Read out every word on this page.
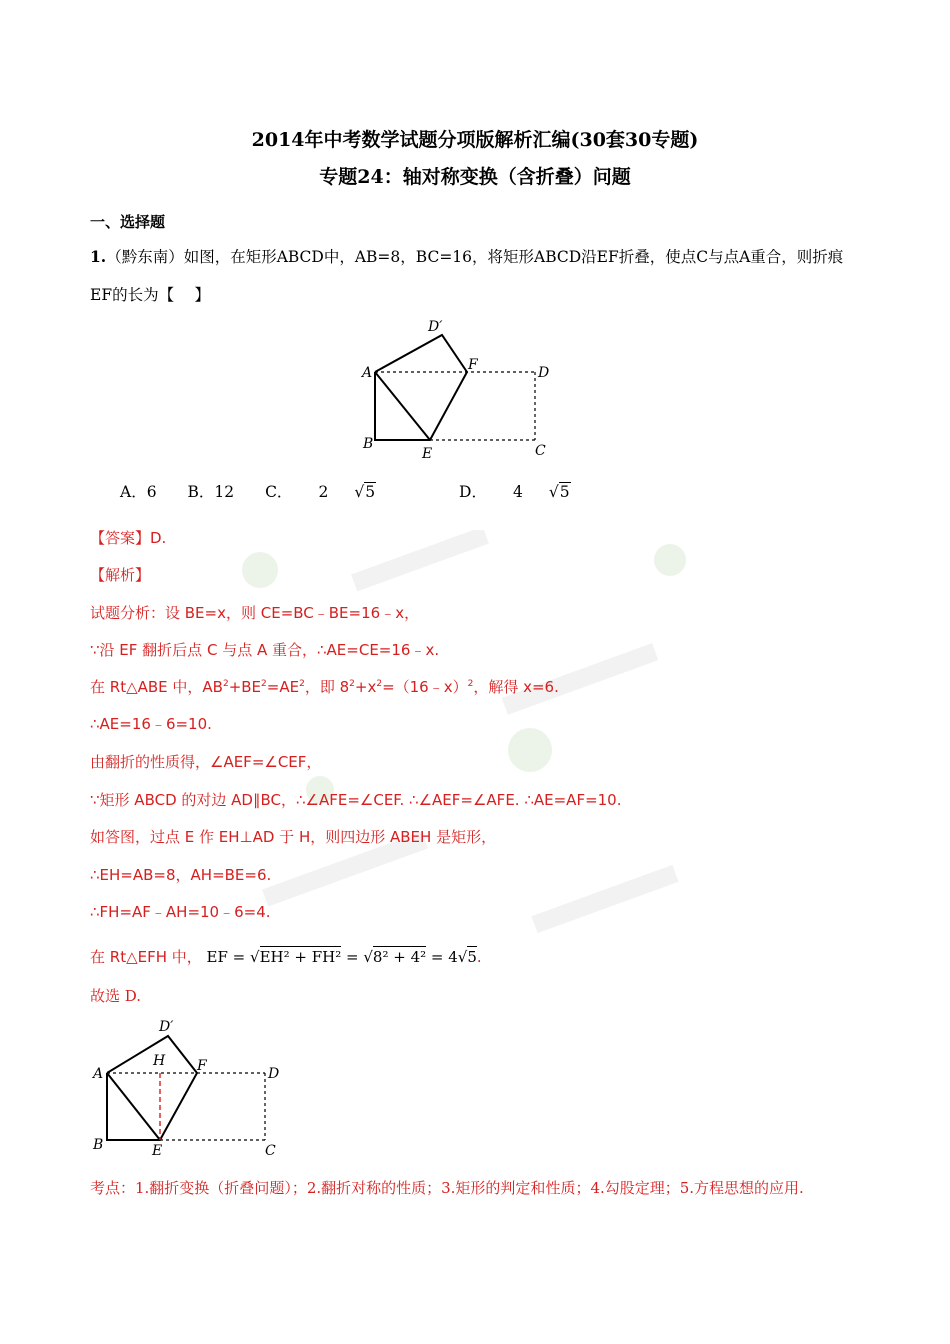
2014年中考数学试题分项版解析汇编(30套30专题)
专题24：轴对称变换（含折叠）问题
一、选择题
1.（黔东南）如图，在矩形ABCD中，AB=8，BC=16，将矩形ABCD沿EF折叠，使点C与点A重合，则折痕
EF的长为【　 】
A
B	C
D
D′
E
F
A．6 B．12 C． 2 √5	D． 4 √5
【答案】D.
【解析】
试题分析：设 BE=x，则 CE=BC﹣BE=16﹣x，
∵沿 EF 翻折后点 C 与点 A 重合，∴AE=CE=16﹣x.
在 Rt△ABE 中，$AB^2+BE^2=AE^2$，即 $8^2+x^2=(16﹣x)^2$，解得 x=6.
∴AE=16﹣6=10.
由翻折的性质得，∠AEF=∠CEF，
∵矩形 ABCD 的对边 AD∥BC，∴∠AFE=∠CEF. ∴∠AEF=∠AFE. ∴AE=AF=10.
如答图，过点 E 作 EH⊥AD 于 H，则四边形 ABEH 是矩形，
∴EH=AB=8，AH=BE=6.
∴FH=AF﹣AH=10﹣6=4.
在 Rt△EFH 中， EF = √EH² + FH² = √8² + 4² = 4√5.
故选 D.
A
B	C
D
D′
E
F
H
考点：1.翻折变换（折叠问题）；2.翻折对称的性质；3.矩形的判定和性质；4.勾股定理；5.方程思想的应用.
